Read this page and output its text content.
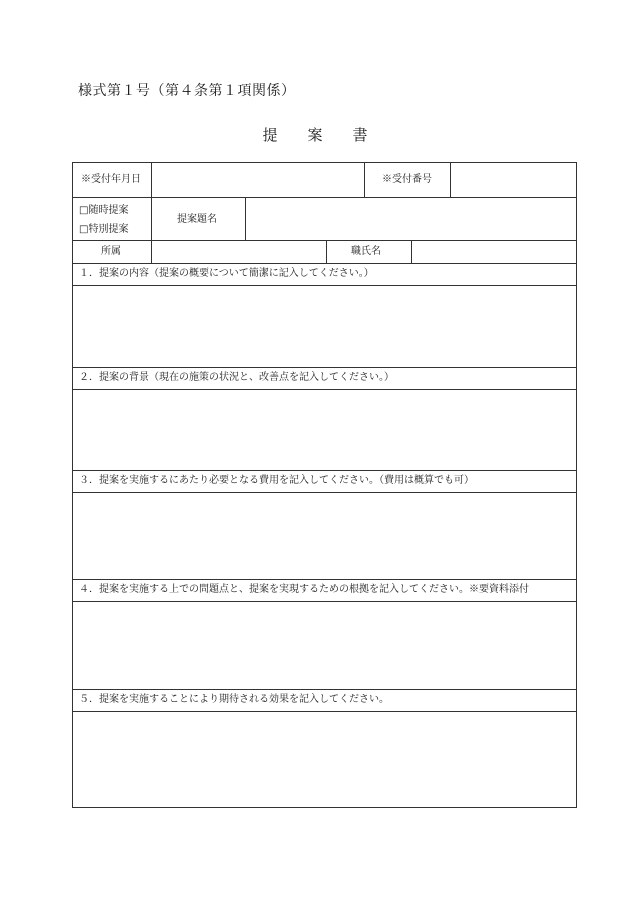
様式第１号（第４条第１項関係）
提案書
※受付年月日	※受付番号
□随時提案
□特別提案
提案題名
所属	職氏名
１．提案の内容（提案の概要について簡潔に記入してください。）
２．提案の背景（現在の施策の状況と、改善点を記入してください。）
３．提案を実施するにあたり必要となる費用を記入してください。（費用は概算でも可）
４．提案を実施する上での問題点と、提案を実現するための根拠を記入してください。※要資料添付
５．提案を実施することにより期待される効果を記入してください。
